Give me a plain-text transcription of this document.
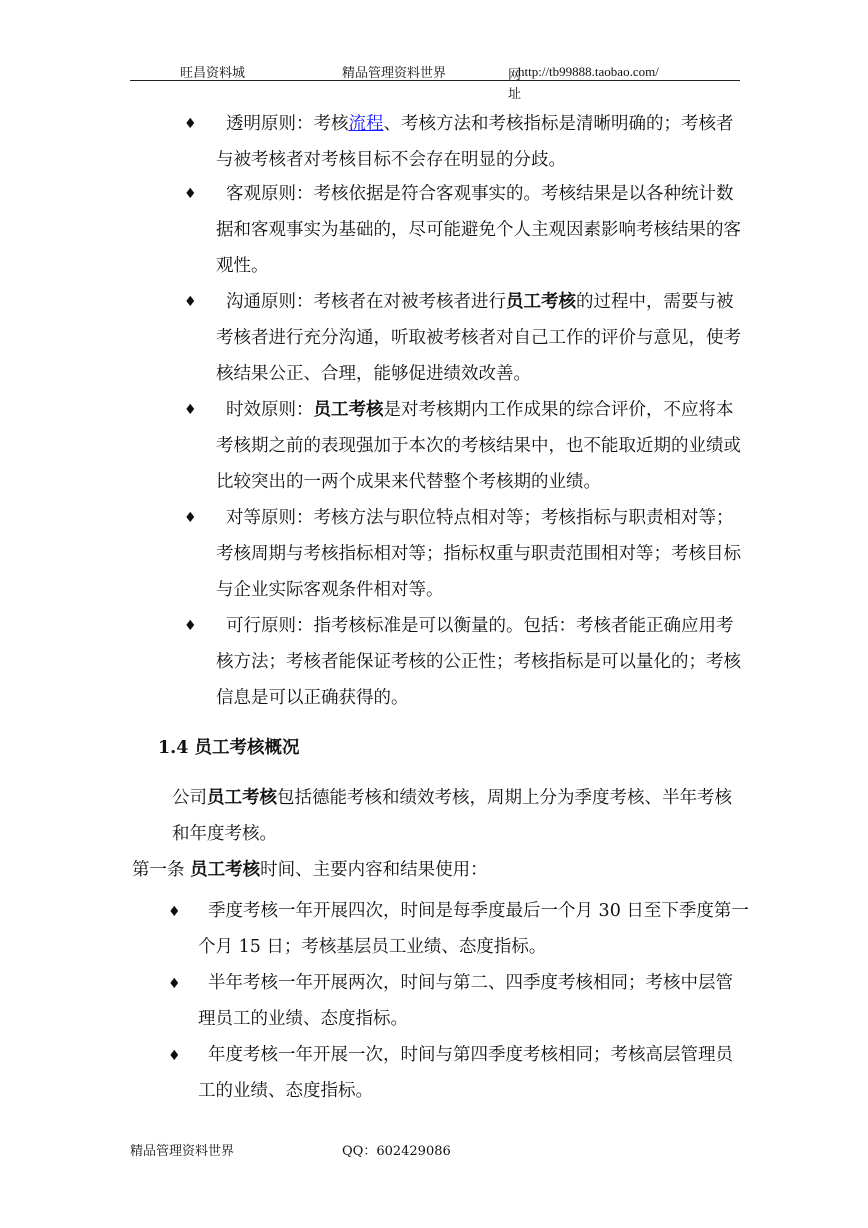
旺昌资料城	精品管理资料世界	网址
http://tb99888.taobao.com/
♦	透明原则：考核流程、考核方法和考核指标是清晰明确的；考核者
与被考核者对考核目标不会存在明显的分歧。
♦	客观原则：考核依据是符合客观事实的。考核结果是以各种统计数
据和客观事实为基础的，尽可能避免个人主观因素影响考核结果的客
观性。
♦	沟通原则：考核者在对被考核者进行员工考核的过程中，需要与被
考核者进行充分沟通，听取被考核者对自己工作的评价与意见，使考
核结果公正、合理，能够促进绩效改善。
♦	时效原则：员工考核是对考核期内工作成果的综合评价，不应将本
考核期之前的表现强加于本次的考核结果中，也不能取近期的业绩或
比较突出的一两个成果来代替整个考核期的业绩。
♦	对等原则：考核方法与职位特点相对等；考核指标与职责相对等；
考核周期与考核指标相对等；指标权重与职责范围相对等；考核目标
与企业实际客观条件相对等。
♦	可行原则：指考核标准是可以衡量的。包括：考核者能正确应用考
核方法；考核者能保证考核的公正性；考核指标是可以量化的；考核
信息是可以正确获得的。
1.4 员工考核概况
公司员工考核包括德能考核和绩效考核，周期上分为季度考核、半年考核
和年度考核。
第一条 员工考核时间、主要内容和结果使用：
♦	季度考核一年开展四次，时间是每季度最后一个月 30 日至下季度第一
个月 15 日；考核基层员工业绩、态度指标。
♦	半年考核一年开展两次，时间与第二、四季度考核相同；考核中层管
理员工的业绩、态度指标。
♦	年度考核一年开展一次，时间与第四季度考核相同；考核高层管理员
工的业绩、态度指标。
精品管理资料世界	QQ：602429086
